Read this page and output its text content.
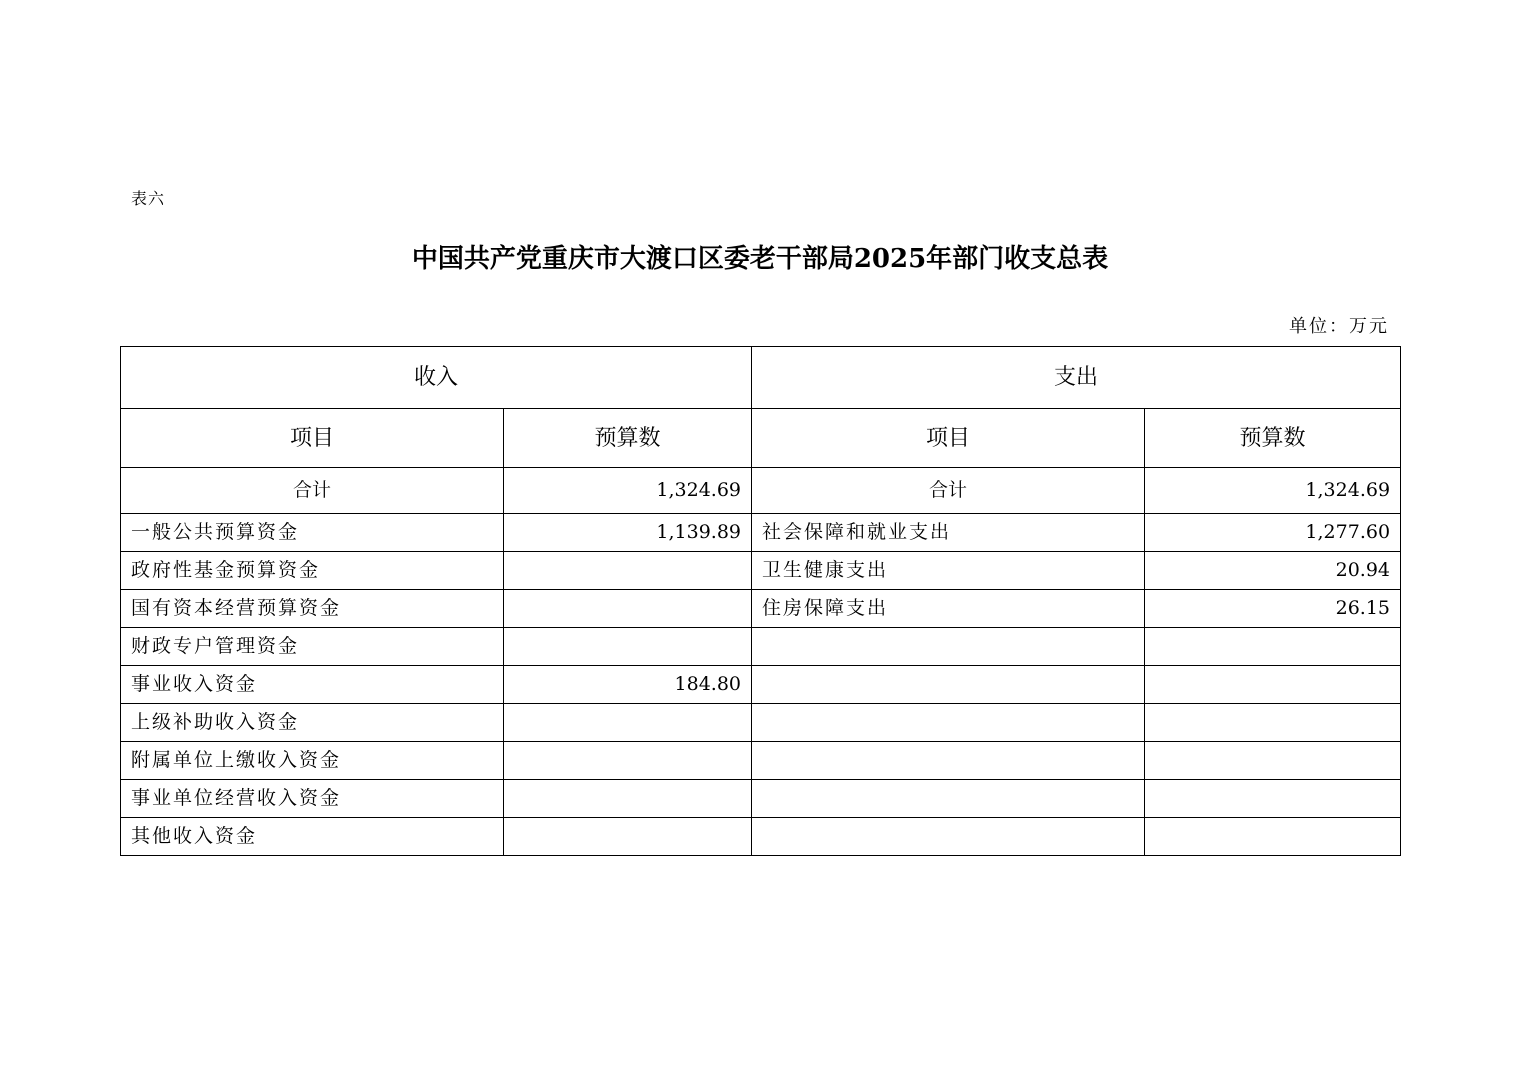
表六
中国共产党重庆市大渡口区委老干部局2025年部门收支总表
单位：万元
收入		支出	
项目	预算数	项目	预算数
合计	1,324.69	合计	1,324.69
一般公共预算资金	1,139.89	社会保障和就业支出	1,277.60
政府性基金预算资金		卫生健康支出	20.94
国有资本经营预算资金		住房保障支出	26.15
财政专户管理资金			
事业收入资金	184.80		
上级补助收入资金			
附属单位上缴收入资金			
事业单位经营收入资金			
其他收入资金			
